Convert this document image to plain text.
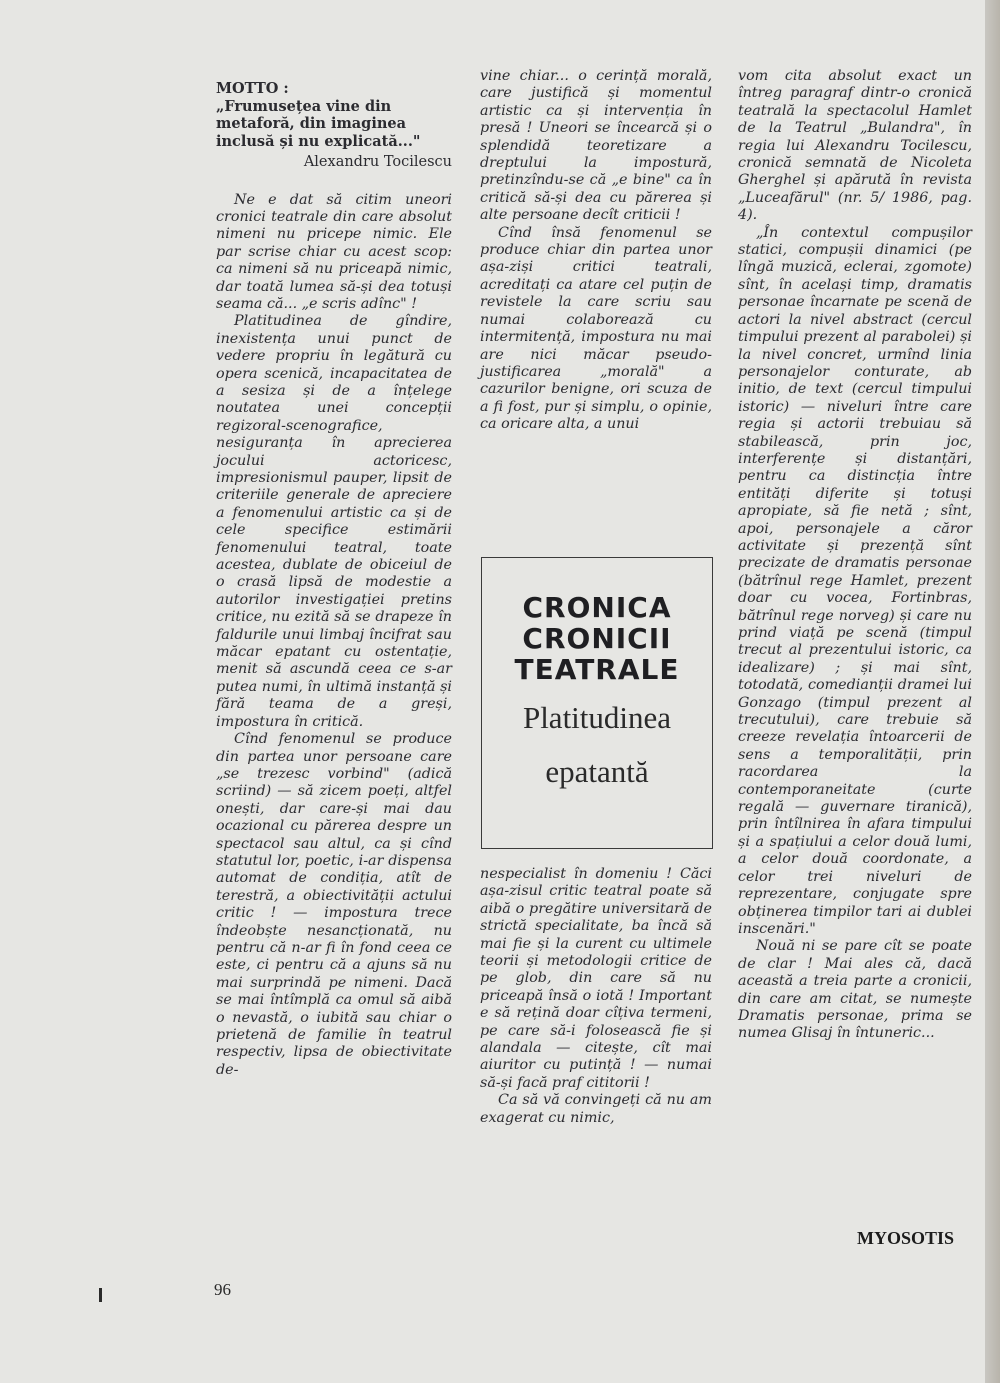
MOTTO :
„Frumusețea vine din metaforă, din imaginea inclusă și nu explicată..."
Alexandru Tocilescu

Ne e dat să citim uneori cronici teatrale din care absolut nimeni nu pricepe nimic. Ele par scrise chiar cu acest scop: ca nimeni să nu priceapă nimic, dar toată lumea să-și dea totuși seama că... „e scris adînc" !

Platitudinea de gîndire, inexistența unui punct de vedere propriu în legătură cu opera scenică, incapacitatea de a sesiza și de a înțelege noutatea unei concepții regizoral-scenografice, nesiguranța în aprecierea jocului actoricesc, impresionismul pauper, lipsit de criteriile generale de apreciere a fenomenului artistic ca și de cele specifice estimării fenomenului teatral, toate acestea, dublate de obiceiul de o crasă lipsă de modestie a autorilor investigației pretins critice, nu ezită să se drapeze în faldurile unui limbaj încifrat sau măcar epatant cu ostentație, menit să ascundă ceea ce s-ar putea numi, în ultimă instanță și fără teama de a greși, impostura în critică.

Cînd fenomenul se produce din partea unor persoane care „se trezesc vorbind" (adică scriind) — să zicem poeți, altfel onești, dar care-și mai dau ocazional cu părerea despre un spectacol sau altul, ca și cînd statutul lor, poetic, i-ar dispensa automat de condiția, atît de terestră, a obiectivității actului critic ! — impostura trece îndeobște nesancționată, nu pentru că n-ar fi în fond ceea ce este, ci pentru că a ajuns să nu mai surprindă pe nimeni. Dacă se mai întîmplă ca omul să aibă o nevastă, o iubită sau chiar o prietenă de familie în teatrul respectiv, lipsa de obiectivitate de-

vine chiar... o cerință morală, care justifică și momentul artistic ca și intervenția în presă ! Uneori se încearcă și o splendidă teoretizare a dreptului la impostură, pretinzîndu-se că „e bine" ca în critică să-și dea cu părerea și alte persoane decît criticii !

Cînd însă fenomenul se produce chiar din partea unor așa-ziși critici teatrali, acreditați ca atare cel puțin de revistele la care scriu sau numai colaborează cu intermitență, impostura nu mai are nici măcar pseudo-justificarea „morală" a cazurilor benigne, ori scuza de a fi fost, pur și simplu, o opinie, ca oricare alta, a unui

nespecialist în domeniu ! Căci așa-zisul critic teatral poate să aibă o pregătire universitară de strictă specialitate, ba încă să mai fie și la curent cu ultimele teorii și metodologii critice de pe glob, din care să nu priceapă însă o iotă ! Important e să rețină doar cîțiva termeni, pe care să-i folosească fie și alandala — citește, cît mai aiuritor cu putință ! — numai să-și facă praf cititorii !

Ca să vă convingeți că nu am exagerat cu nimic,

CRONICA
CRONICII
TEATRALE
Platitudinea
epatantă

vom cita absolut exact un întreg paragraf dintr-o cronică teatrală la spectacolul Hamlet de la Teatrul „Bulandra", în regia lui Alexandru Tocilescu, cronică semnată de Nicoleta Gherghel și apărută în revista „Luceafărul" (nr. 5/ 1986, pag. 4).

„În contextul compușilor statici, compușii dinamici (pe lîngă muzică, eclerai, zgomote) sînt, în același timp, dramatis personae încarnate pe scenă de actori la nivel abstract (cercul timpului prezent al parabolei) și la nivel concret, urmînd linia personajelor conturate, ab initio, de text (cercul timpului istoric) — niveluri între care regia și actorii trebuiau să stabilească, prin joc, interferențe și distanțări, pentru ca distincția între entități diferite și totuși apropiate, să fie netă ; sînt, apoi, personajele a căror activitate și prezență sînt precizate de dramatis personae (bătrînul rege Hamlet, prezent doar cu vocea, Fortinbras, bătrînul rege norveg) și care nu prind viață pe scenă (timpul trecut al prezentului istoric, ca idealizare) ; și mai sînt, totodată, comedianții dramei lui Gonzago (timpul prezent al trecutului), care trebuie să creeze revelația întoarcerii de sens a temporalității, prin racordarea la contemporaneitate (curte regală — guvernare tiranică), prin întîlnirea în afara timpului și a spațiului a celor două lumi, a celor două coordonate, a celor trei niveluri de reprezentare, conjugate spre obținerea timpilor tari ai dublei inscenări."

Nouă ni se pare cît se poate de clar ! Mai ales că, dacă această a treia parte a cronicii, din care am citat, se numește Dramatis personae, prima se numea Glisaj în întuneric...

MYOSOTIS
96
